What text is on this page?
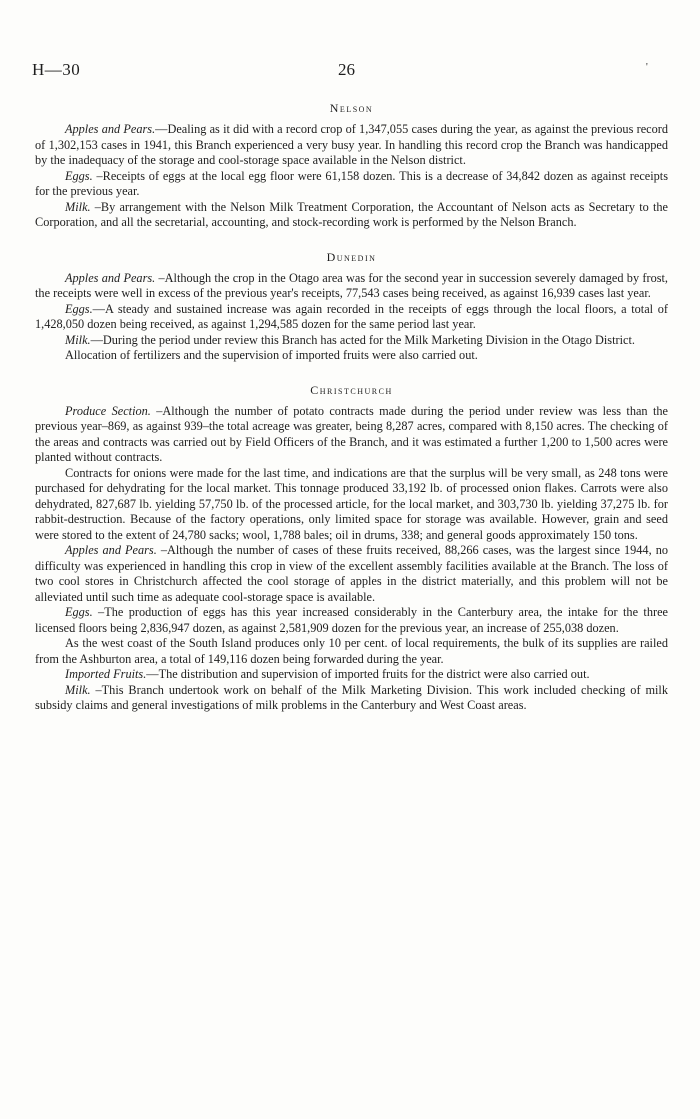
H—30	26	'
Nelson

Apples and Pears.—Dealing as it did with a record crop of 1,347,055 cases during the year, as against the previous record of 1,302,153 cases in 1941, this Branch experienced a very busy year. In handling this record crop the Branch was handicapped by the inadequacy of the storage and cool-storage space available in the Nelson district.

Eggs. –Receipts of eggs at the local egg floor were 61,158 dozen. This is a decrease of 34,842 dozen as against receipts for the previous year.

Milk. –By arrangement with the Nelson Milk Treatment Corporation, the Accountant of Nelson acts as Secretary to the Corporation, and all the secretarial, accounting, and stock-recording work is performed by the Nelson Branch.

Dunedin

Apples and Pears. –Although the crop in the Otago area was for the second year in succession severely damaged by frost, the receipts were well in excess of the previous year's receipts, 77,543 cases being received, as against 16,939 cases last year.

Eggs.—A steady and sustained increase was again recorded in the receipts of eggs through the local floors, a total of 1,428,050 dozen being received, as against 1,294,585 dozen for the same period last year.

Milk.—During the period under review this Branch has acted for the Milk Marketing Division in the Otago District.

Allocation of fertilizers and the supervision of imported fruits were also carried out.

Christchurch

Produce Section. –Although the number of potato contracts made during the period under review was less than the previous year–869, as against 939–the total acreage was greater, being 8,287 acres, compared with 8,150 acres. The checking of the areas and contracts was carried out by Field Officers of the Branch, and it was estimated a further 1,200 to 1,500 acres were planted without contracts.

Contracts for onions were made for the last time, and indications are that the surplus will be very small, as 248 tons were purchased for dehydrating for the local market. This tonnage produced 33,192 lb. of processed onion flakes. Carrots were also dehydrated, 827,687 lb. yielding 57,750 lb. of the processed article, for the local market, and 303,730 lb. yielding 37,275 lb. for rabbit-destruction. Because of the factory operations, only limited space for storage was available. However, grain and seed were stored to the extent of 24,780 sacks; wool, 1,788 bales; oil in drums, 338; and general goods approximately 150 tons.

Apples and Pears. –Although the number of cases of these fruits received, 88,266 cases, was the largest since 1944, no difficulty was experienced in handling this crop in view of the excellent assembly facilities available at the Branch. The loss of two cool stores in Christchurch affected the cool storage of apples in the district materially, and this problem will not be alleviated until such time as adequate cool-storage space is available.

Eggs. –The production of eggs has this year increased considerably in the Canterbury area, the intake for the three licensed floors being 2,836,947 dozen, as against 2,581,909 dozen for the previous year, an increase of 255,038 dozen.

As the west coast of the South Island produces only 10 per cent. of local requirements, the bulk of its supplies are railed from the Ashburton area, a total of 149,116 dozen being forwarded during the year.

Imported Fruits.—The distribution and supervision of imported fruits for the district were also carried out.

Milk. –This Branch undertook work on behalf of the Milk Marketing Division. This work included checking of milk subsidy claims and general investigations of milk problems in the Canterbury and West Coast areas.
